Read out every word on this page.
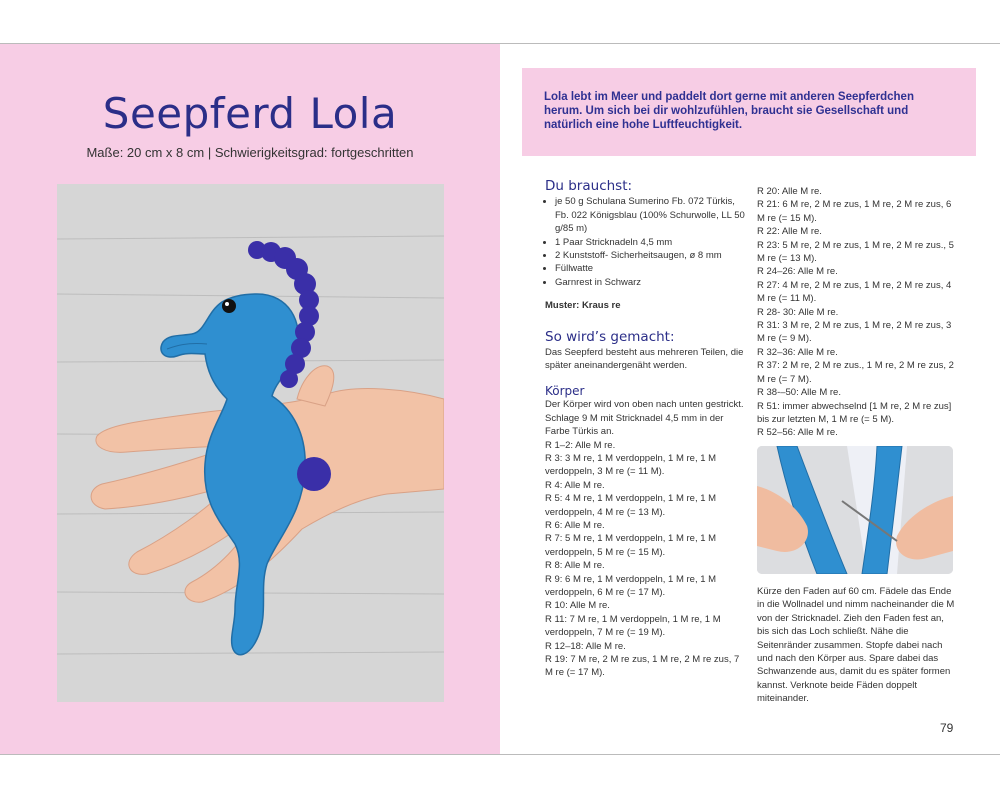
Seepferd Lola
Maße: 20 cm x 8 cm | Schwierigkeitsgrad: fortgeschritten
Lola lebt im Meer und paddelt dort gerne mit anderen Seepferdchen herum. Um sich bei dir wohlzufühlen, braucht sie Gesellschaft und natürlich eine hohe Luftfeuchtigkeit.
Du brauchst:
• je 50 g Schulana Sumerino Fb. 072 Türkis, Fb. 022 Königsblau (100% Schurwolle, LL 50 g/85 m)
• 1 Paar Stricknadeln 4,5 mm
• 2 Kunststoff- Sicherheitsaugen, ø 8 mm
• Füllwatte
• Garnrest in Schwarz
Muster: Kraus re
So wird’s gemacht:
Das Seepferd besteht aus mehreren Teilen, die später aneinandergenäht werden.
Körper
Der Körper wird von oben nach unten gestrickt. Schlage 9 M mit Stricknadel 4,5 mm in der Farbe Türkis an.
R 1–2: Alle M re.
R 3: 3 M re, 1 M verdoppeln, 1 M re, 1 M verdoppeln, 3 M re (= 11 M).
R 4: Alle M re.
R 5: 4 M re, 1 M verdoppeln, 1 M re, 1 M verdoppeln, 4 M re (= 13 M).
R 6: Alle M re.
R 7: 5 M re, 1 M verdoppeln, 1 M re, 1 M verdoppeln, 5 M re (= 15 M).
R 8: Alle M re.
R 9: 6 M re, 1 M verdoppeln, 1 M re, 1 M verdoppeln, 6 M re (= 17 M).
R 10: Alle M re.
R 11: 7 M re, 1 M verdoppeln, 1 M re, 1 M verdoppeln, 7 M re (= 19 M).
R 12–18: Alle M re.
R 19: 7 M re, 2 M re zus, 1 M re, 2 M re zus, 7 M re (= 17 M).
R 20: Alle M re.
R 21: 6 M re, 2 M re zus, 1 M re, 2 M re zus, 6 M re (= 15 M).
R 22: Alle M re.
R 23: 5 M re, 2 M re zus, 1 M re, 2 M re zus., 5 M re (= 13 M).
R 24–26: Alle M re.
R 27: 4 M re, 2 M re zus, 1 M re, 2 M re zus, 4 M re (= 11 M).
R 28- 30: Alle M re.
R 31: 3 M re, 2 M re zus, 1 M re, 2 M re zus, 3 M re (= 9 M).
R 32–36: Alle M re.
R 37: 2 M re, 2 M re zus., 1 M re, 2 M re zus, 2 M re (= 7 M).
R 38-–50: Alle M re.
R 51: immer abwechselnd [1 M re, 2 M re zus] bis zur letzten M, 1 M re (= 5 M).
R 52–56: Alle M re.
Kürze den Faden auf 60 cm. Fädele das Ende in die Wollnadel und nimm nacheinander die M von der Stricknadel. Zieh den Faden fest an, bis sich das Loch schließt. Nähe die Seitenränder zusammen. Stopfe dabei nach und nach den Körper aus. Spare dabei das Schwanzende aus, damit du es später formen kannst. Verknote beide Fäden doppelt miteinander.
79
